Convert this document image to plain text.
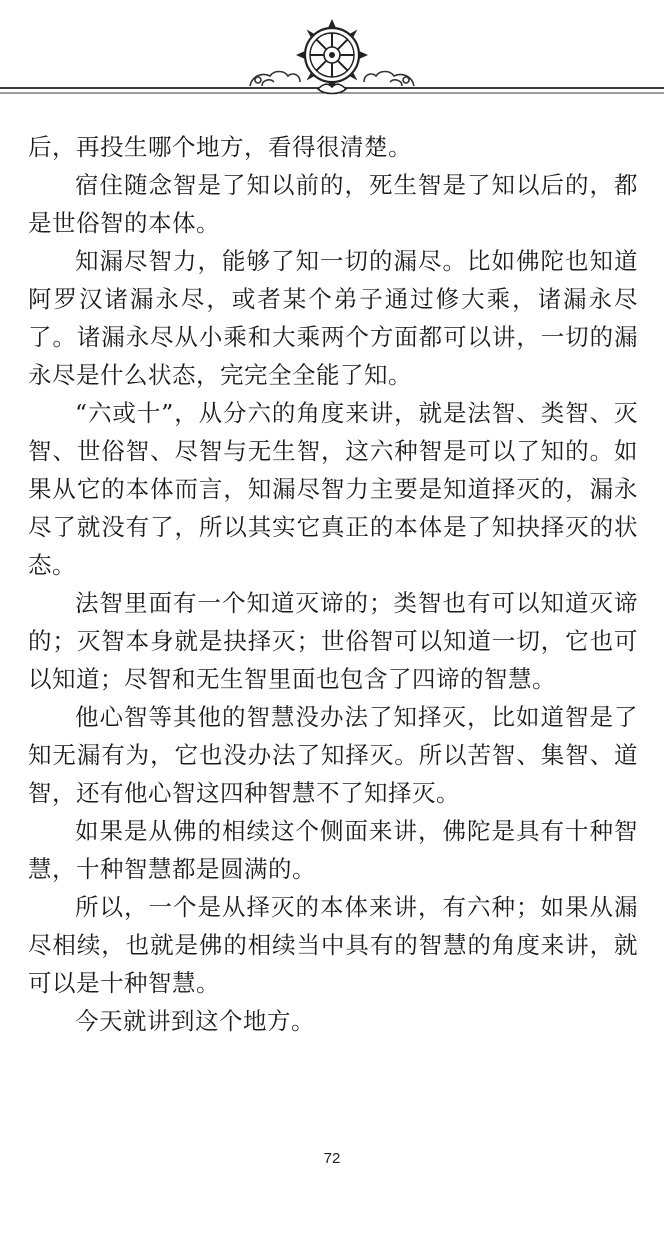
后，再投生哪个地方，看得很清楚。

宿住随念智是了知以前的，死生智是了知以后的，都是世俗智的本体。

知漏尽智力，能够了知一切的漏尽。比如佛陀也知道阿罗汉诸漏永尽，或者某个弟子通过修大乘，诸漏永尽了。诸漏永尽从小乘和大乘两个方面都可以讲，一切的漏永尽是什么状态，完完全全能了知。

“六或十”，从分六的角度来讲，就是法智、类智、灭智、世俗智、尽智与无生智，这六种智是可以了知的。如果从它的本体而言，知漏尽智力主要是知道择灭的，漏永尽了就没有了，所以其实它真正的本体是了知抉择灭的状态。

法智里面有一个知道灭谛的；类智也有可以知道灭谛的；灭智本身就是抉择灭；世俗智可以知道一切，它也可以知道；尽智和无生智里面也包含了四谛的智慧。

他心智等其他的智慧没办法了知择灭，比如道智是了知无漏有为，它也没办法了知择灭。所以苦智、集智、道智，还有他心智这四种智慧不了知择灭。

如果是从佛的相续这个侧面来讲，佛陀是具有十种智慧，十种智慧都是圆满的。

所以，一个是从择灭的本体来讲，有六种；如果从漏尽相续，也就是佛的相续当中具有的智慧的角度来讲，就可以是十种智慧。

今天就讲到这个地方。

72
